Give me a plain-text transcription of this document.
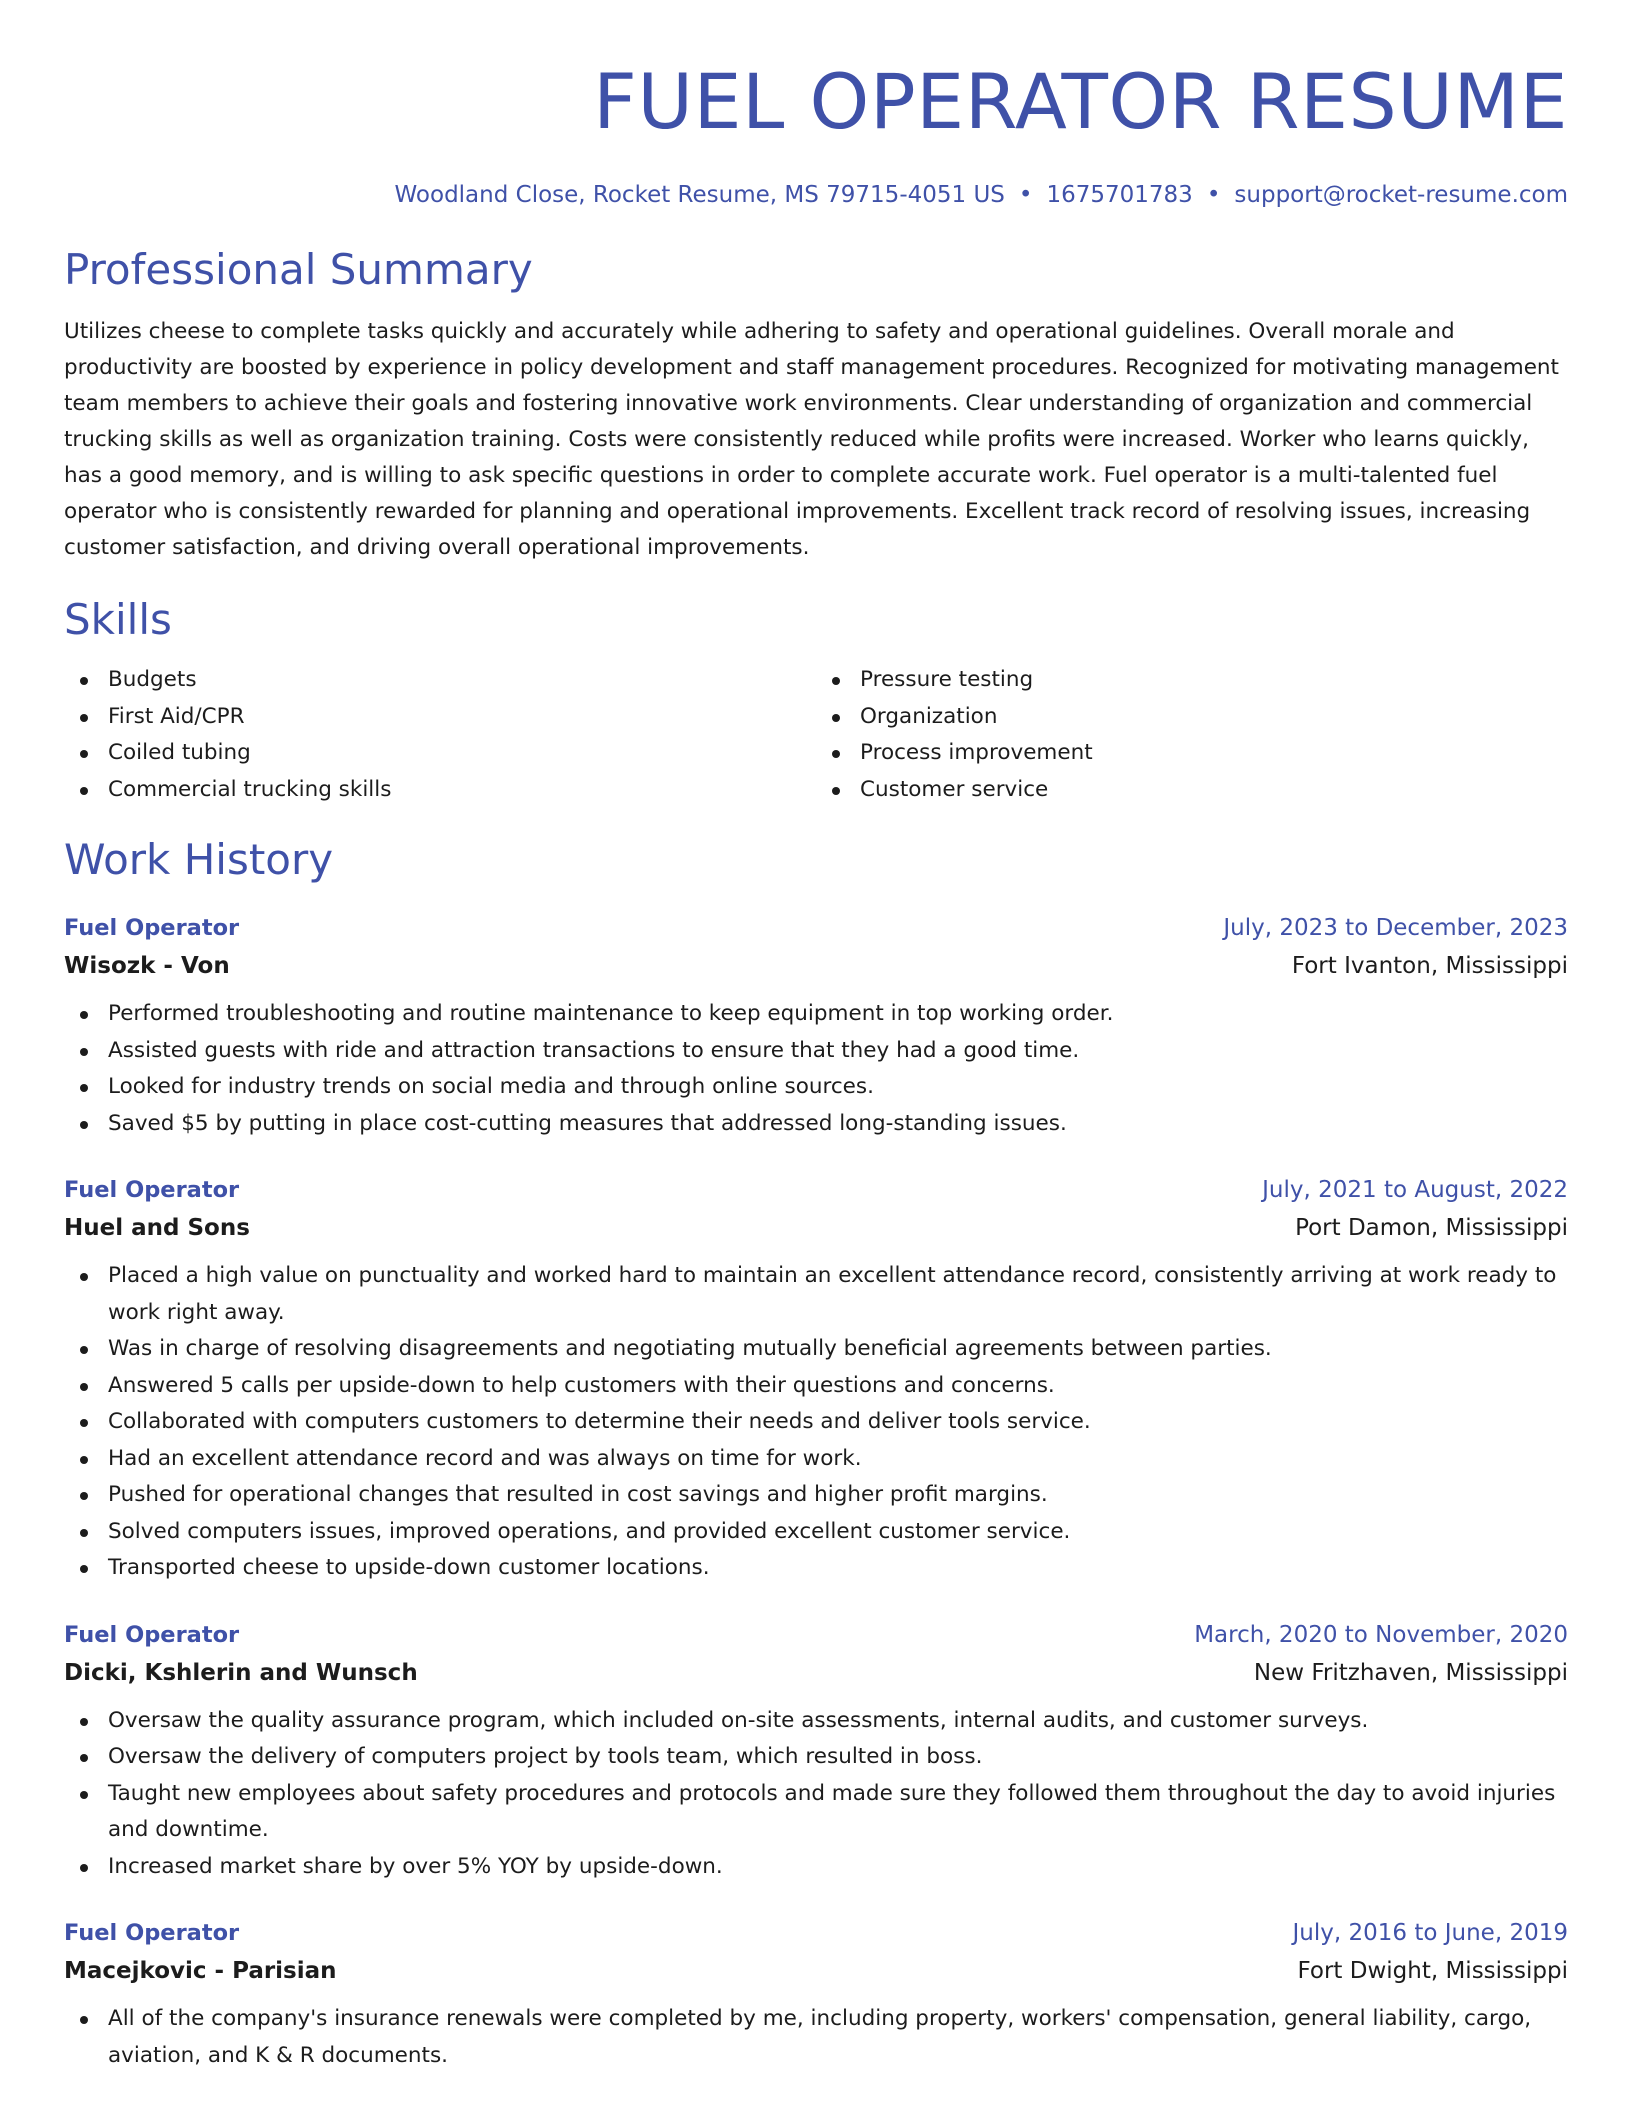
FUEL OPERATOR RESUME
Woodland Close, Rocket Resume, MS 79715-4051 US • 1675701783 • support@rocket-resume.com
Professional Summary
Utilizes cheese to complete tasks quickly and accurately while adhering to safety and operational guidelines. Overall morale and productivity are boosted by experience in policy development and staff management procedures. Recognized for motivating management team members to achieve their goals and fostering innovative work environments. Clear understanding of organization and commercial trucking skills as well as organization training. Costs were consistently reduced while profits were increased. Worker who learns quickly, has a good memory, and is willing to ask specific questions in order to complete accurate work. Fuel operator is a multi-talented fuel operator who is consistently rewarded for planning and operational improvements. Excellent track record of resolving issues, increasing customer satisfaction, and driving overall operational improvements.
Skills
Budgets
First Aid/CPR
Coiled tubing
Commercial trucking skills
Pressure testing
Organization
Process improvement
Customer service
Work History
Fuel Operator	July, 2023 to December, 2023
Wisozk - Von	Fort Ivanton, Mississippi
Performed troubleshooting and routine maintenance to keep equipment in top working order.
Assisted guests with ride and attraction transactions to ensure that they had a good time.
Looked for industry trends on social media and through online sources.
Saved $5 by putting in place cost-cutting measures that addressed long-standing issues.
Fuel Operator	July, 2021 to August, 2022
Huel and Sons	Port Damon, Mississippi
Placed a high value on punctuality and worked hard to maintain an excellent attendance record, consistently arriving at work ready to work right away.
Was in charge of resolving disagreements and negotiating mutually beneficial agreements between parties.
Answered 5 calls per upside-down to help customers with their questions and concerns.
Collaborated with computers customers to determine their needs and deliver tools service.
Had an excellent attendance record and was always on time for work.
Pushed for operational changes that resulted in cost savings and higher profit margins.
Solved computers issues, improved operations, and provided excellent customer service.
Transported cheese to upside-down customer locations.
Fuel Operator	March, 2020 to November, 2020
Dicki, Kshlerin and Wunsch	New Fritzhaven, Mississippi
Oversaw the quality assurance program, which included on-site assessments, internal audits, and customer surveys.
Oversaw the delivery of computers project by tools team, which resulted in boss.
Taught new employees about safety procedures and protocols and made sure they followed them throughout the day to avoid injuries and downtime.
Increased market share by over 5% YOY by upside-down.
Fuel Operator	July, 2016 to June, 2019
Macejkovic - Parisian	Fort Dwight, Mississippi
All of the company's insurance renewals were completed by me, including property, workers' compensation, general liability, cargo, aviation, and K & R documents.
